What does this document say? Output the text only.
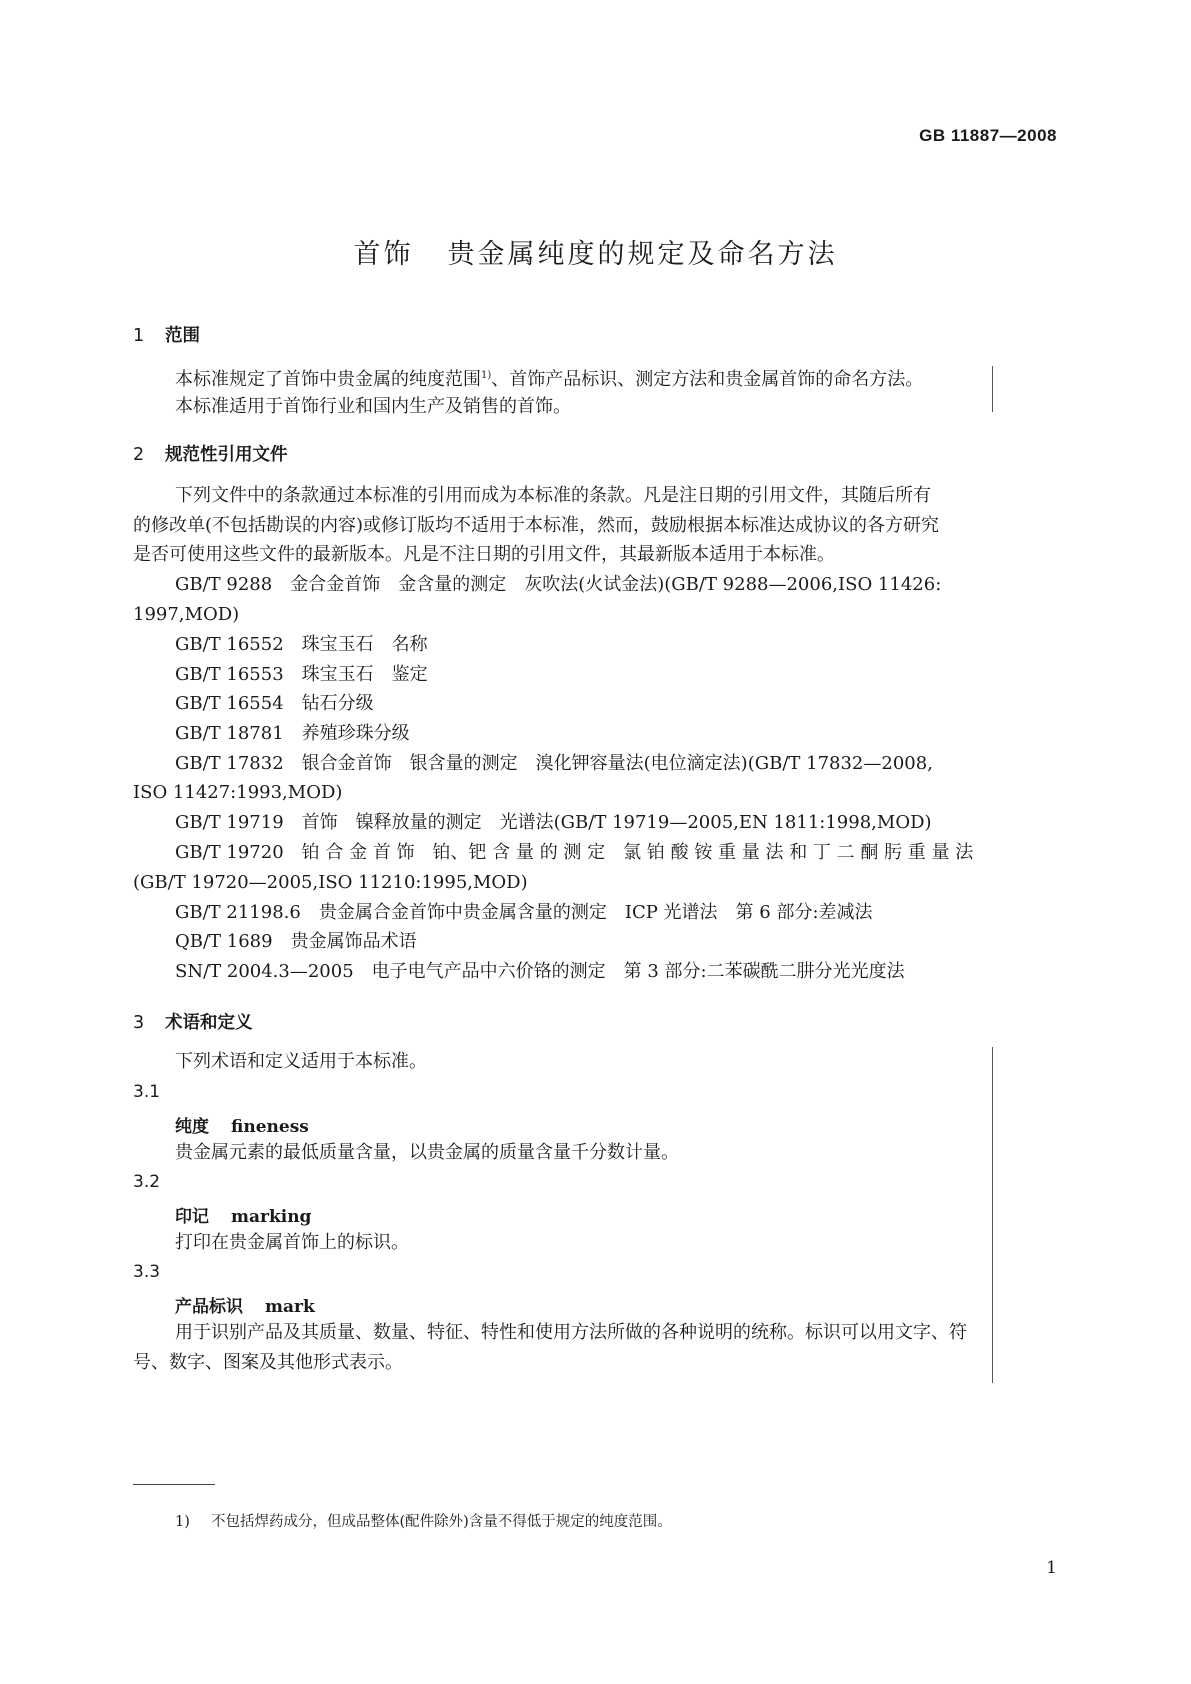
GB 11887—2008
首饰 贵金属纯度的规定及命名方法
1 范围
本标准规定了首饰中贵金属的纯度范围$^{1)}$、首饰产品标识、测定方法和贵金属首饰的命名方法。
本标准适用于首饰行业和国内生产及销售的首饰。
2 规范性引用文件
下列文件中的条款通过本标准的引用而成为本标准的条款。凡是注日期的引用文件，其随后所有
的修改单(不包括勘误的内容)或修订版均不适用于本标准，然而，鼓励根据本标准达成协议的各方研究
是否可使用这些文件的最新版本。凡是不注日期的引用文件，其最新版本适用于本标准。
GB/T 9288　金合金首饰　金含量的测定　灰吹法(火试金法)(GB/T 9288—2006,ISO 11426:
1997,MOD)
GB/T 16552　珠宝玉石　名称
GB/T 16553　珠宝玉石　鉴定
GB/T 16554　钻石分级
GB/T 18781　养殖珍珠分级
GB/T 17832　银合金首饰　银含量的测定　溴化钾容量法(电位滴定法)(GB/T 17832—2008,
ISO 11427:1993,MOD)
GB/T 19719　首饰　镍释放量的测定　光谱法(GB/T 19719—2005,EN 1811:1998,MOD)
GB/T 19720　铂 合 金 首 饰　铂、钯 含 量 的 测 定　氯 铂 酸 铵 重 量 法 和 丁 二 酮 肟 重 量 法
(GB/T 19720—2005,ISO 11210:1995,MOD)
GB/T 21198.6　贵金属合金首饰中贵金属含量的测定　ICP 光谱法　第 6 部分:差减法
QB/T 1689　贵金属饰品术语
SN/T 2004.3—2005　电子电气产品中六价铬的测定　第 3 部分:二苯碳酰二肼分光光度法
3 术语和定义
下列术语和定义适用于本标准。
3.1
纯度 fineness
贵金属元素的最低质量含量，以贵金属的质量含量千分数计量。
3.2
印记 marking
打印在贵金属首饰上的标识。
3.3
产品标识 mark
用于识别产品及其质量、数量、特征、特性和使用方法所做的各种说明的统称。标识可以用文字、符
号、数字、图案及其他形式表示。
1) 不包括焊药成分，但成品整体(配件除外)含量不得低于规定的纯度范围。
1
